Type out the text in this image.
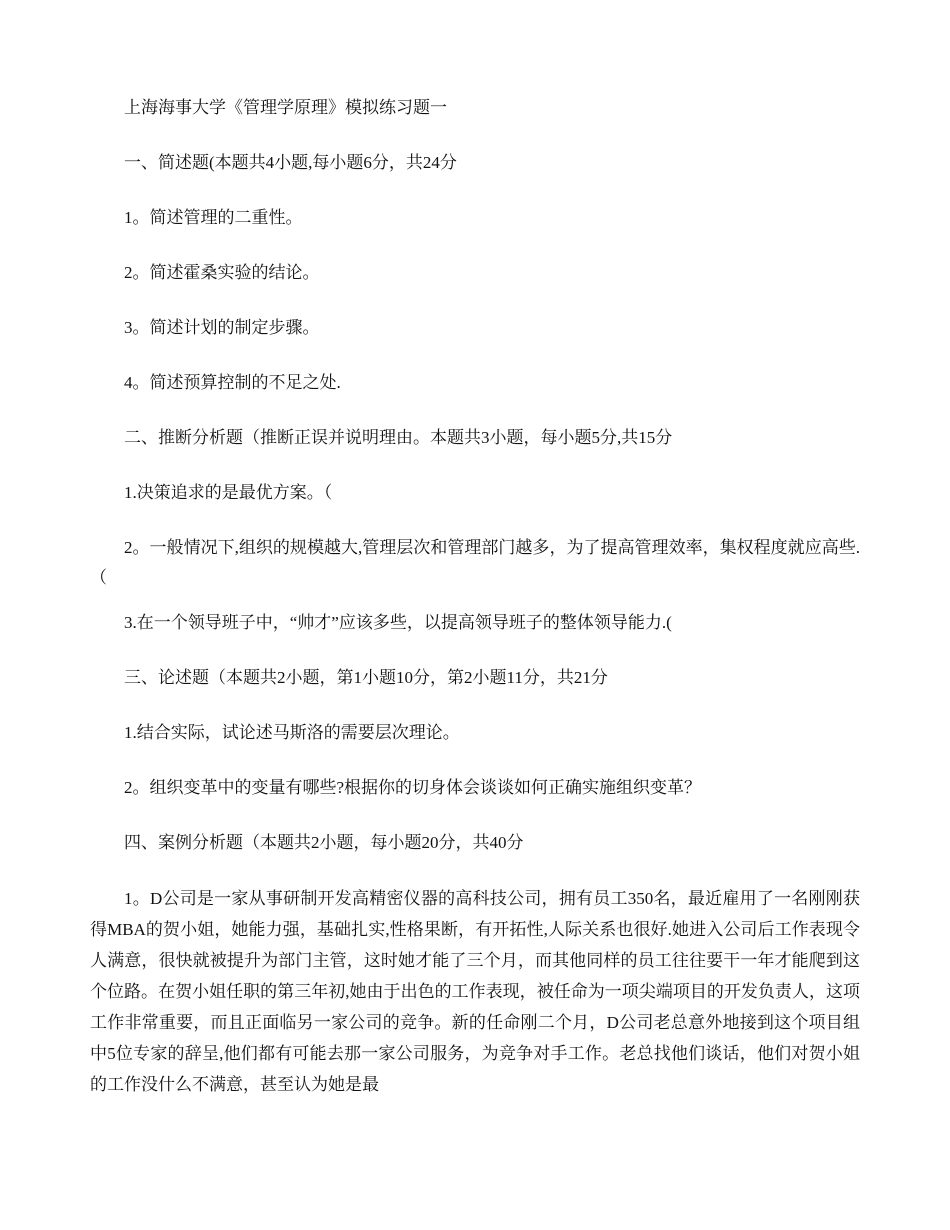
上海海事大学《管理学原理》模拟练习题一

一、简述题(本题共4小题,每小题6分，共24分

1。简述管理的二重性。

2。简述霍桑实验的结论。

3。简述计划的制定步骤。

4。简述预算控制的不足之处.

二、推断分析题（推断正误并说明理由。本题共3小题，每小题5分,共15分

1.决策追求的是最优方案。（

2。一般情况下,组织的规模越大,管理层次和管理部门越多，为了提高管理效率，集权程度就应高些.（

3.在一个领导班子中，“帅才”应该多些，以提高领导班子的整体领导能力.(

三、论述题（本题共2小题，第1小题10分，第2小题11分，共21分

1.结合实际，试论述马斯洛的需要层次理论。

2。组织变革中的变量有哪些?根据你的切身体会谈谈如何正确实施组织变革？

四、案例分析题（本题共2小题，每小题20分，共40分

1。D公司是一家从事研制开发高精密仪器的高科技公司，拥有员工350名，最近雇用了一名刚刚获得MBA的贺小姐，她能力强，基础扎实,性格果断，有开拓性,人际关系也很好.她进入公司后工作表现令人满意，很快就被提升为部门主管，这时她才能了三个月，而其他同样的员工往往要干一年才能爬到这个位路。在贺小姐任职的第三年初,她由于出色的工作表现，被任命为一项尖端项目的开发负责人，这项工作非常重要，而且正面临另一家公司的竞争。新的任命刚二个月，D公司老总意外地接到这个项目组中5位专家的辞呈,他们都有可能去那一家公司服务，为竞争对手工作。老总找他们谈话，他们对贺小姐的工作没什么不满意，甚至认为她是最
